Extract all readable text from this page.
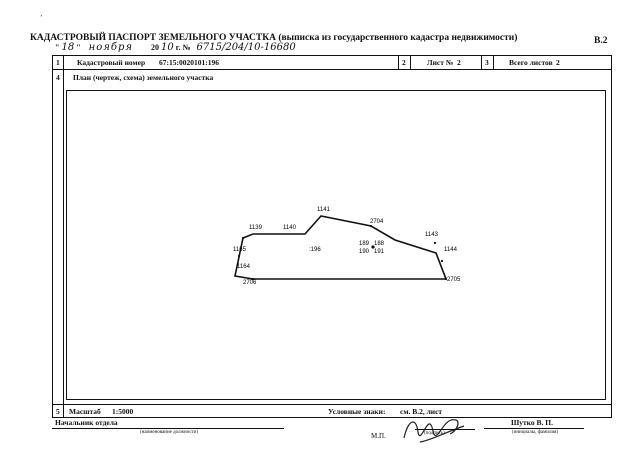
’
КАДАСТРОВЫЙ ПАСПОРТ ЗЕМЕЛЬНОГО УЧАСТКА (выписка из государственного кадастра недвижимости)	В.2
" 18 " ноября 20 10 г. № 6715/204/10-16680
1 Кадастровый номер 67:15:0020101:196	2	Лист № 2	3	Всего листов 2
4 План (чертеж, схема) земельного участка
5 Масштаб 1:5000	Условные знаки: см. В.2, лист
1141
1140
1139
1165
1164
2706	2705
1144
1143
2704
:196
189 188
190 191
Начальник отдела
(наименование должности)	М.П.	(подпись)
Шутко В. П.
(инициалы, фамилия)
